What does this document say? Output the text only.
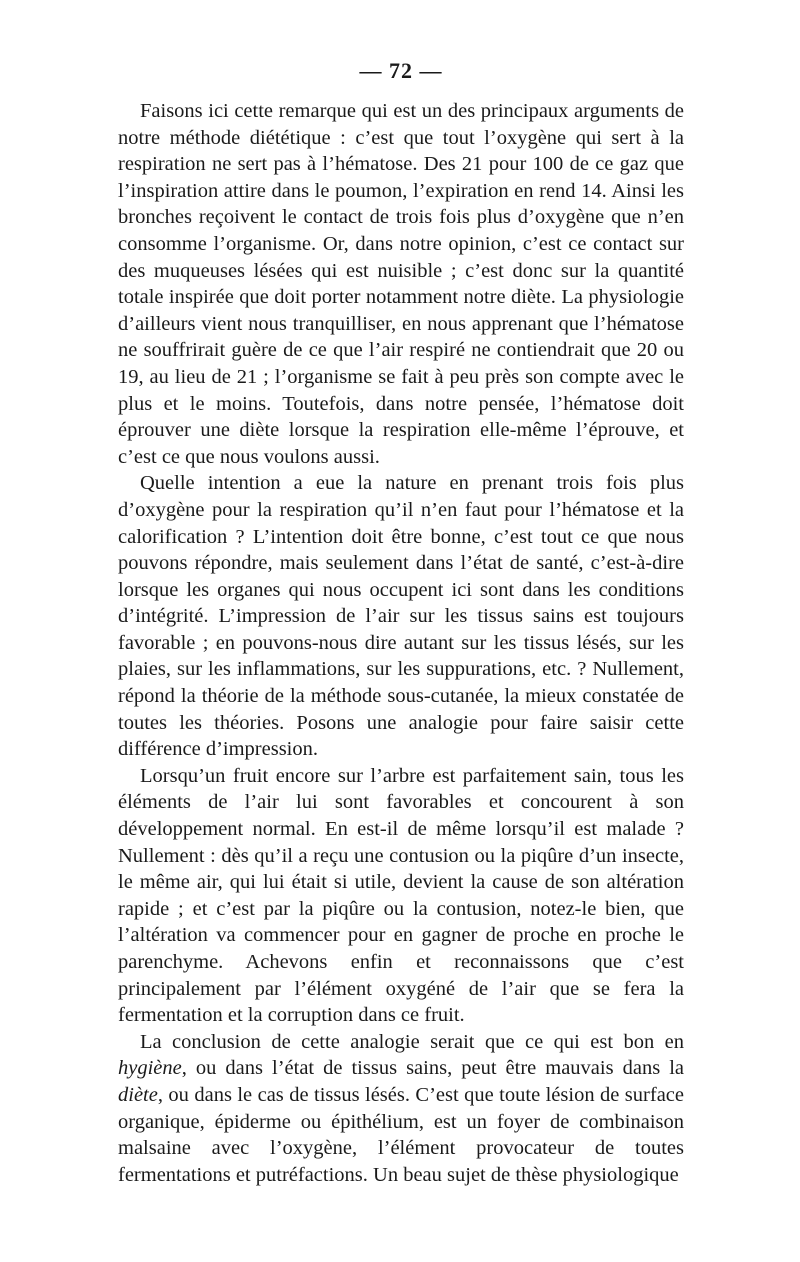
— 72 —

Faisons ici cette remarque qui est un des principaux arguments de notre méthode diététique : c’est que tout l’oxygène qui sert à la respiration ne sert pas à l’hématose. Des 21 pour 100 de ce gaz que l’inspiration attire dans le poumon, l’expiration en rend 14. Ainsi les bronches reçoivent le contact de trois fois plus d’oxygène que n’en consomme l’organisme. Or, dans notre opinion, c’est ce contact sur des muqueuses lésées qui est nuisible ; c’est donc sur la quantité totale inspirée que doit porter notamment notre diète. La physiologie d’ailleurs vient nous tranquilliser, en nous apprenant que l’hématose ne souffrirait guère de ce que l’air respiré ne contiendrait que 20 ou 19, au lieu de 21 ; l’organisme se fait à peu près son compte avec le plus et le moins. Toutefois, dans notre pensée, l’hématose doit éprouver une diète lorsque la respiration elle-même l’éprouve, et c’est ce que nous voulons aussi.

Quelle intention a eue la nature en prenant trois fois plus d’oxygène pour la respiration qu’il n’en faut pour l’hématose et la calorification ? L’intention doit être bonne, c’est tout ce que nous pouvons répondre, mais seulement dans l’état de santé, c’est-à-dire lorsque les organes qui nous occupent ici sont dans les conditions d’intégrité. L’impression de l’air sur les tissus sains est toujours favorable ; en pouvons-nous dire autant sur les tissus lésés, sur les plaies, sur les inflammations, sur les suppurations, etc. ? Nullement, répond la théorie de la méthode sous-cutanée, la mieux constatée de toutes les théories. Posons une analogie pour faire saisir cette différence d’impression.

Lorsqu’un fruit encore sur l’arbre est parfaitement sain, tous les éléments de l’air lui sont favorables et concourent à son développement normal. En est-il de même lorsqu’il est malade ? Nullement : dès qu’il a reçu une contusion ou la piqûre d’un insecte, le même air, qui lui était si utile, devient la cause de son altération rapide ; et c’est par la piqûre ou la contusion, notez-le bien, que l’altération va commencer pour en gagner de proche en proche le parenchyme. Achevons enfin et reconnaissons que c’est principalement par l’élément oxygéné de l’air que se fera la fermentation et la corruption dans ce fruit.

La conclusion de cette analogie serait que ce qui est bon en hygiène, ou dans l’état de tissus sains, peut être mauvais dans la diète, ou dans le cas de tissus lésés. C’est que toute lésion de surface organique, épiderme ou épithélium, est un foyer de combinaison malsaine avec l’oxygène, l’élément provocateur de toutes fermentations et putréfactions. Un beau sujet de thèse physiologique
